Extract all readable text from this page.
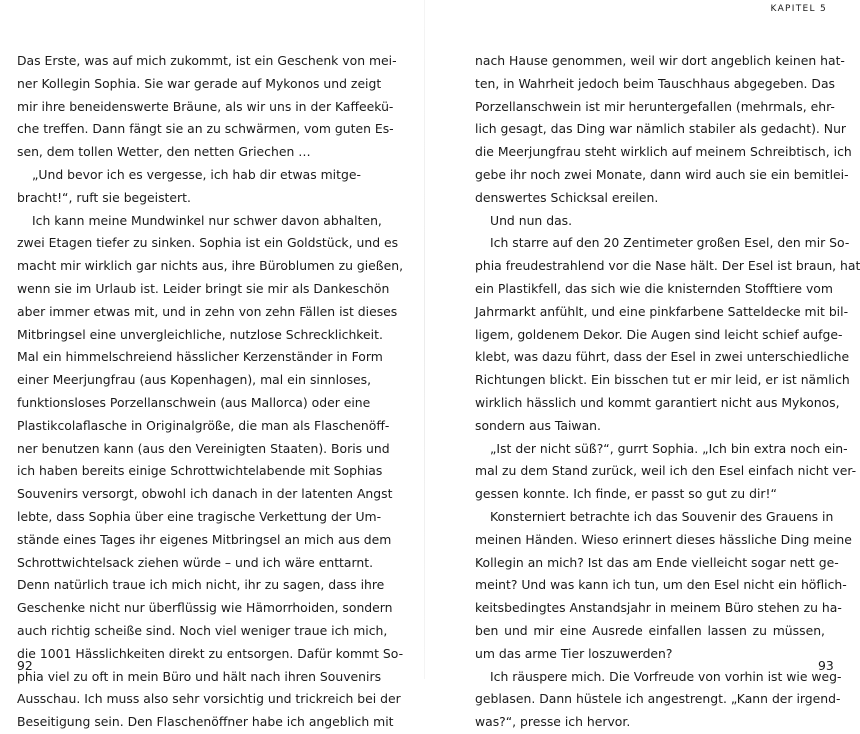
Das Erste, was auf mich zukommt, ist ein Geschenk von mei-
ner Kollegin Sophia. Sie war gerade auf Mykonos und zeigt
mir ihre beneidenswerte Bräune, als wir uns in der Kaffeekü-
che treffen. Dann fängt sie an zu schwärmen, vom guten Es-
sen, dem tollen Wetter, den netten Griechen …
„Und bevor ich es vergesse, ich hab dir etwas mitge-
bracht!“, ruft sie begeistert.
Ich kann meine Mundwinkel nur schwer davon abhalten,
zwei Etagen tiefer zu sinken. Sophia ist ein Goldstück, und es
macht mir wirklich gar nichts aus, ihre Büroblumen zu gießen,
wenn sie im Urlaub ist. Leider bringt sie mir als Dankeschön
aber immer etwas mit, und in zehn von zehn Fällen ist dieses
Mitbringsel eine unvergleichliche, nutzlose Schrecklichkeit.
Mal ein himmelschreiend hässlicher Kerzenständer in Form
einer Meerjungfrau (aus Kopenhagen), mal ein sinnloses,
funktionsloses Porzellanschwein (aus Mallorca) oder eine
Plastikcolaflasche in Originalgröße, die man als Flaschenöff-
ner benutzen kann (aus den Vereinigten Staaten). Boris und
ich haben bereits einige Schrottwichtelabende mit Sophias
Souvenirs versorgt, obwohl ich danach in der latenten Angst
lebte, dass Sophia über eine tragische Verkettung der Um-
stände eines Tages ihr eigenes Mitbringsel an mich aus dem
Schrottwichtelsack ziehen würde – und ich wäre enttarnt.
Denn natürlich traue ich mich nicht, ihr zu sagen, dass ihre
Geschenke nicht nur überflüssig wie Hämorrhoiden, sondern
auch richtig scheiße sind. Noch viel weniger traue ich mich,
die 1001 Hässlichkeiten direkt zu entsorgen. Dafür kommt So-
phia viel zu oft in mein Büro und hält nach ihren Souvenirs
Ausschau. Ich muss also sehr vorsichtig und trickreich bei der
Beseitigung sein. Den Flaschenöffner habe ich angeblich mit
92
KAPITEL 5
nach Hause genommen, weil wir dort angeblich keinen hat-
ten, in Wahrheit jedoch beim Tauschhaus abgegeben. Das
Porzellanschwein ist mir heruntergefallen (mehrmals, ehr-
lich gesagt, das Ding war nämlich stabiler als gedacht). Nur
die Meerjungfrau steht wirklich auf meinem Schreibtisch, ich
gebe ihr noch zwei Monate, dann wird auch sie ein bemitlei-
denswertes Schicksal ereilen.
Und nun das.
Ich starre auf den 20 Zentimeter großen Esel, den mir So-
phia freudestrahlend vor die Nase hält. Der Esel ist braun, hat
ein Plastikfell, das sich wie die knisternden Stofftiere vom
Jahrmarkt anfühlt, und eine pinkfarbene Satteldecke mit bil-
ligem, goldenem Dekor. Die Augen sind leicht schief aufge-
klebt, was dazu führt, dass der Esel in zwei unterschiedliche
Richtungen blickt. Ein bisschen tut er mir leid, er ist nämlich
wirklich hässlich und kommt garantiert nicht aus Mykonos,
sondern aus Taiwan.
„Ist der nicht süß?“, gurrt Sophia. „Ich bin extra noch ein-
mal zu dem Stand zurück, weil ich den Esel einfach nicht ver-
gessen konnte. Ich finde, er passt so gut zu dir!“
Konsterniert betrachte ich das Souvenir des Grauens in
meinen Händen. Wieso erinnert dieses hässliche Ding meine
Kollegin an mich? Ist das am Ende vielleicht sogar nett ge-
meint? Und was kann ich tun, um den Esel nicht ein höflich-
keitsbedingtes Anstandsjahr in meinem Büro stehen zu ha-
ben und mir eine Ausrede einfallen lassen zu müssen,
um das arme Tier loszuwerden?
Ich räuspere mich. Die Vorfreude von vorhin ist wie weg-
geblasen. Dann hüstele ich angestrengt. „Kann der irgend-
was?“, presse ich hervor.
93
